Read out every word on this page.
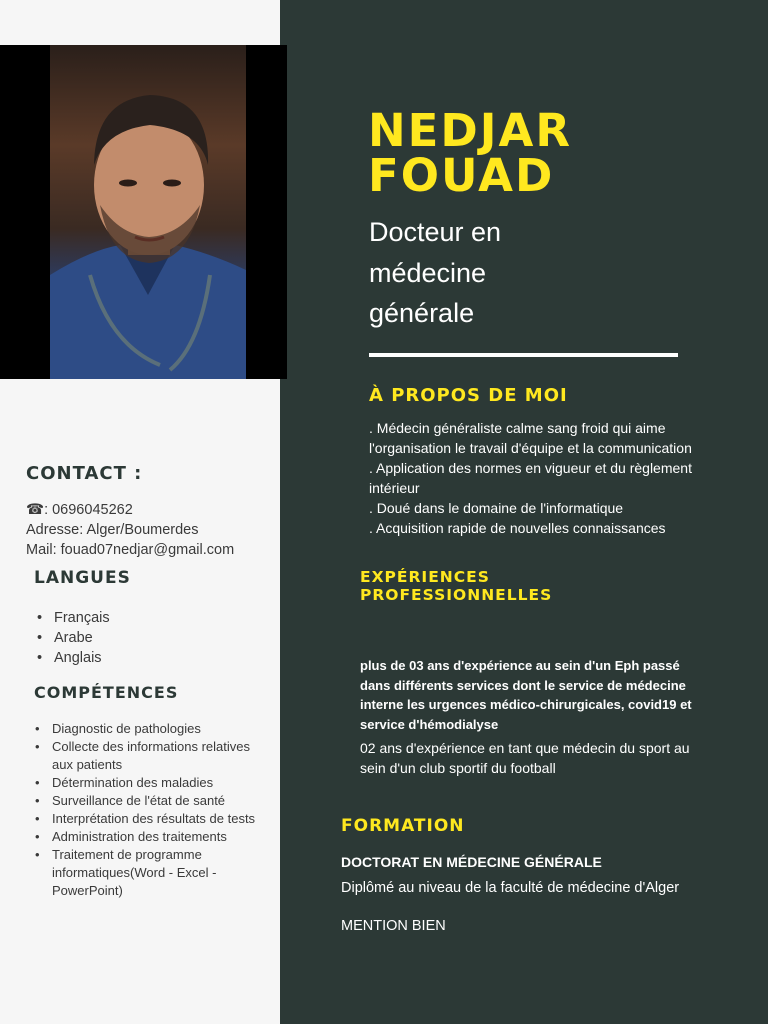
CONTACT :
☎: 0696045262
Adresse: Alger/Boumerdes
Mail: fouad07nedjar@gmail.com
LANGUES
• Français
• Arabe
• Anglais
COMPÉTENCES
• Diagnostic de pathologies
• Collecte des informations relatives aux patients
• Détermination des maladies
• Surveillance de l'état de santé
• Interprétation des résultats de tests
• Administration des traitements
• Traitement de programme informatiques(Word - Excel - PowerPoint)
NEDJAR
FOUAD
Docteur en médecine générale
À PROPOS DE MOI
. Médecin généraliste calme sang froid qui aime l'organisation le travail d'équipe et la communication
. Application des normes en vigueur et du règlement intérieur
. Doué dans le domaine de l'informatique
. Acquisition rapide de nouvelles connaissances
EXPÉRIENCES
PROFESSIONNELLES
plus de 03 ans d'expérience au sein d'un Eph passé dans différents services dont le service de médecine interne les urgences médico-chirurgicales, covid19 et service d'hémodialyse
02 ans d'expérience en tant que médecin du sport au sein d'un club sportif du football
FORMATION
DOCTORAT EN MÉDECINE GÉNÉRALE
Diplômé au niveau de la faculté de médecine d'Alger
MENTION BIEN
